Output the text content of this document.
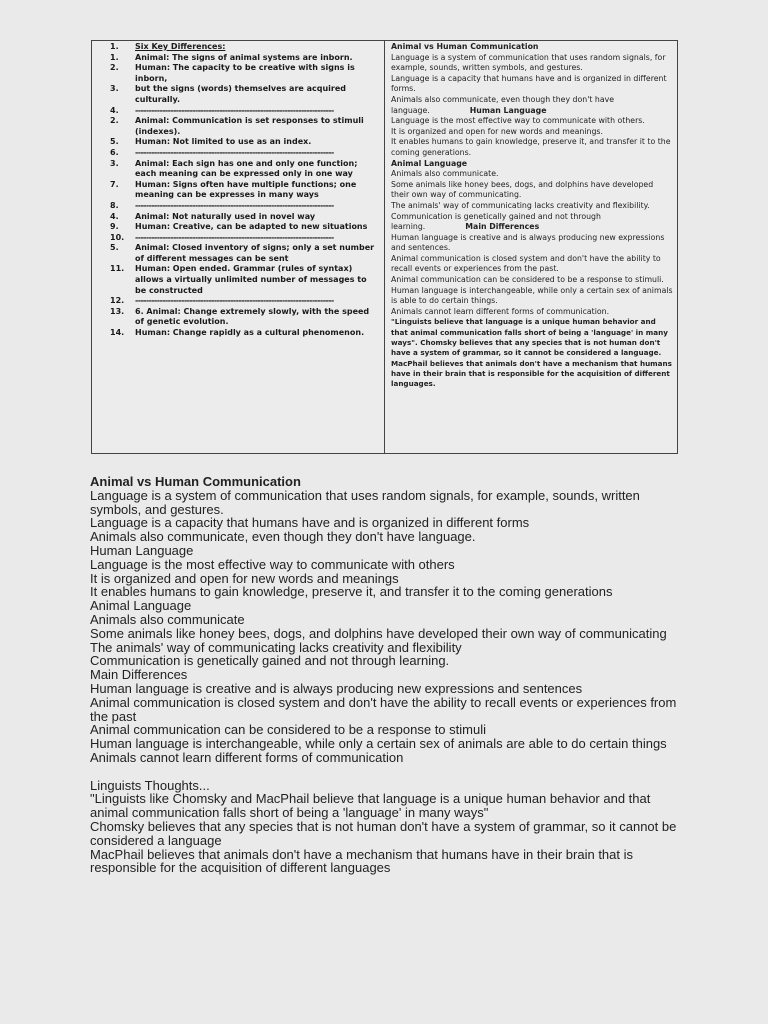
1.	Six Key Differences:
1.	Animal: The signs of animal systems are inborn.
2.	Human: The capacity to be creative with signs is inborn,
3.	but the signs (words) themselves are acquired culturally.
4.	-------------------------------------------------------------------------
2.	Animal: Communication is set responses to stimuli (indexes).
5.	Human: Not limited to use as an index.
6.	-------------------------------------------------------------------------
3.	Animal: Each sign has one and only one function; each meaning can be expressed only in one way
7.	Human: Signs often have multiple functions; one meaning can be expresses in many ways
8.	-------------------------------------------------------------------------
4.	Animal: Not naturally used in novel way
9.	Human: Creative, can be adapted to new situations
10.	-------------------------------------------------------------------------
5.	Animal: Closed inventory of signs; only a set number of different messages can be sent
11.	Human: Open ended. Grammar (rules of syntax) allows a virtually unlimited number of messages to be constructed
12.	-------------------------------------------------------------------------
13.	6. Animal: Change extremely slowly, with the speed of genetic evolution.
14.	Human: Change rapidly as a cultural phenomenon.
Animal vs Human Communication
Language is a system of communication that uses random signals, for example, sounds, written symbols, and gestures.
Language is a capacity that humans have and is organized in different forms.
Animals also communicate, even though they don't have language.	Human Language
Language is the most effective way to communicate with others.
It is organized and open for new words and meanings.
It enables humans to gain knowledge, preserve it, and transfer it to the coming generations.
Animal Language
Animals also communicate.
Some animals like honey bees, dogs, and dolphins have developed their own way of communicating.
The animals' way of communicating lacks creativity and flexibility.
Communication is genetically gained and not through learning.	Main Differences
Human language is creative and is always producing new expressions and sentences.
Animal communication is closed system and don't have the ability to recall events or experiences from the past.
Animal communication can be considered to be a response to stimuli.
Human language is interchangeable, while only a certain sex of animals is able to do certain things.
Animals cannot learn different forms of communication.
"Linguists believe that language is a unique human behavior and that animal communication falls short of being a 'language' in many ways". Chomsky believes that any species that is not human don't have a system of grammar, so it cannot be considered a language. MacPhail believes that animals don't have a mechanism that humans have in their brain that is responsible for the acquisition of different languages.

Animal vs Human Communication

Language is a system of communication that uses random signals, for example, sounds, written symbols, and gestures.

Language is a capacity that humans have and is organized in different forms

Animals also communicate, even though they don't have language.

Human Language

Language is the most effective way to communicate with others

It is organized and open for new words and meanings

It enables humans to gain knowledge, preserve it, and transfer it to the coming generations

Animal Language

Animals also communicate

Some animals like honey bees, dogs, and dolphins have developed their own way of communicating

The animals' way of communicating lacks creativity and flexibility

Communication is genetically gained and not through learning.

Main Differences

Human language is creative and is always producing new expressions and sentences

Animal communication is closed system and don't have the ability to recall events or experiences from the past

Animal communication can be considered to be a response to stimuli

Human language is interchangeable, while only a certain sex of animals are able to do certain things

Animals cannot learn different forms of communication

Linguists Thoughts...

"Linguists like Chomsky and MacPhail believe that language is a unique human behavior and that animal communication falls short of being a 'language' in many ways"

Chomsky believes that any species that is not human don't have a system of grammar, so it cannot be considered a language

MacPhail believes that animals don't have a mechanism that humans have in their brain that is responsible for the acquisition of different languages
